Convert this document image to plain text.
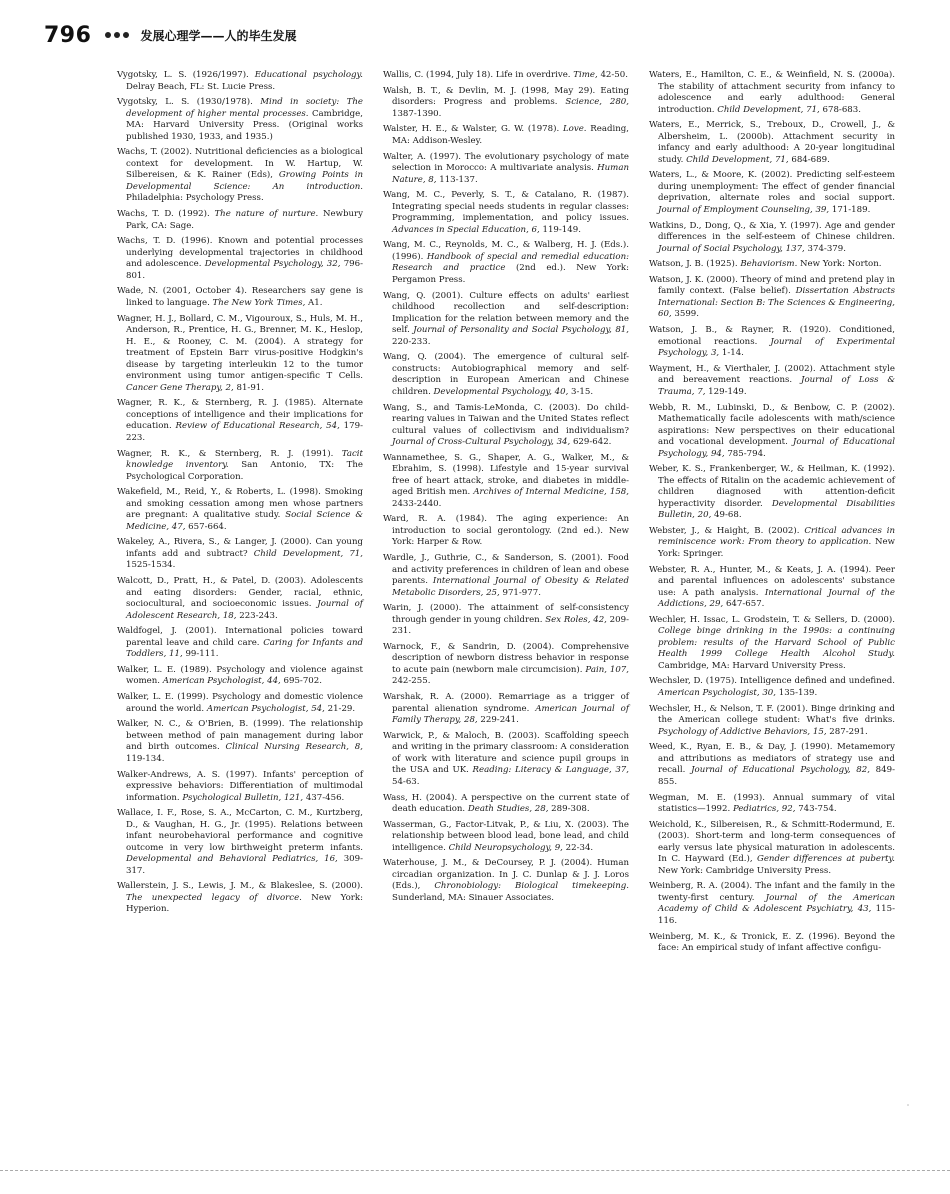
796	发展心理学——人的毕生发展

Vygotsky, L. S. (1926/1997). Educational psychology. Delray Beach, FL: St. Lucie Press.

Vygotsky, L. S. (1930/1978). Mind in society: The development of higher mental processes. Cambridge, MA: Harvard University Press. (Original works published 1930, 1933, and 1935.)

Wachs, T. (2002). Nutritional deficiencies as a biological context for development. In W. Hartup, W. Silbereisen, & K. Rainer (Eds), Growing Points in Developmental Science: An introduction. Philadelphia: Psychology Press.

Wachs, T. D. (1992). The nature of nurture. Newbury Park, CA: Sage.

Wachs, T. D. (1996). Known and potential processes underlying developmental trajectories in childhood and adolescence. Developmental Psychology, 32, 796-801.

Wade, N. (2001, October 4). Researchers say gene is linked to language. The New York Times, A1.

Wagner, H. J., Bollard, C. M., Vigouroux, S., Huls, M. H., Anderson, R., Prentice, H. G., Brenner, M. K., Heslop, H. E., & Rooney, C. M. (2004). A strategy for treatment of Epstein Barr virus-positive Hodgkin's disease by targeting interleukin 12 to the tumor environment using tumor antigen-specific T Cells. Cancer Gene Therapy, 2, 81-91.

Wagner, R. K., & Sternberg, R. J. (1985). Alternate conceptions of intelligence and their implications for education. Review of Educational Research, 54, 179-223.

Wagner, R. K., & Sternberg, R. J. (1991). Tacit knowledge inventory. San Antonio, TX: The Psychological Corporation.

Wakefield, M., Reid, Y., & Roberts, L. (1998). Smoking and smoking cessation among men whose partners are pregnant: A qualitative study. Social Science & Medicine, 47, 657-664.

Wakeley, A., Rivera, S., & Langer, J. (2000). Can young infants add and subtract? Child Development, 71, 1525-1534.

Walcott, D., Pratt, H., & Patel, D. (2003). Adolescents and eating disorders: Gender, racial, ethnic, sociocultural, and socioeconomic issues. Journal of Adolescent Research, 18, 223-243.

Waldfogel, J. (2001). International policies toward parental leave and child care. Caring for Infants and Toddlers, 11, 99-111.

Walker, L. E. (1989). Psychology and violence against women. American Psychologist, 44, 695-702.

Walker, L. E. (1999). Psychology and domestic violence around the world. American Psychologist, 54, 21-29.

Walker, N. C., & O'Brien, B. (1999). The relationship between method of pain management during labor and birth outcomes. Clinical Nursing Research, 8, 119-134.

Walker-Andrews, A. S. (1997). Infants' perception of expressive behaviors: Differentiation of multimodal information. Psychological Bulletin, 121, 437-456.

Wallace, I. F., Rose, S. A., McCarton, C. M., Kurtzberg, D., & Vaughan, H. G., Jr. (1995). Relations between infant neurobehavioral performance and cognitive outcome in very low birthweight preterm infants. Developmental and Behavioral Pediatrics, 16, 309-317.

Wallerstein, J. S., Lewis, J. M., & Blakeslee, S. (2000). The unexpected legacy of divorce. New York: Hyperion.

Wallis, C. (1994, July 18). Life in overdrive. Time, 42-50.

Walsh, B. T., & Devlin, M. J. (1998, May 29). Eating disorders: Progress and problems. Science, 280, 1387-1390.

Walster, H. E., & Walster, G. W. (1978). Love. Reading, MA: Addison-Wesley.

Walter, A. (1997). The evolutionary psychology of mate selection in Morocco: A multivariate analysis. Human Nature, 8, 113-137.

Wang, M. C., Peverly, S. T., & Catalano, R. (1987). Integrating special needs students in regular classes: Programming, implementation, and policy issues. Advances in Special Education, 6, 119-149.

Wang, M. C., Reynolds, M. C., & Walberg, H. J. (Eds.). (1996). Handbook of special and remedial education: Research and practice (2nd ed.). New York: Pergamon Press.

Wang, Q. (2001). Culture effects on adults' earliest childhood recollection and self-description: Implication for the relation between memory and the self. Journal of Personality and Social Psychology, 81, 220-233.

Wang, Q. (2004). The emergence of cultural self-constructs: Autobiographical memory and self-description in European American and Chinese children. Developmental Psychology, 40, 3-15.

Wang, S., and Tamis-LeMonda, C. (2003). Do child-rearing values in Taiwan and the United States reflect cultural values of collectivism and individualism? Journal of Cross-Cultural Psychology, 34, 629-642.

Wannamethee, S. G., Shaper, A. G., Walker, M., & Ebrahim, S. (1998). Lifestyle and 15-year survival free of heart attack, stroke, and diabetes in middle-aged British men. Archives of Internal Medicine, 158, 2433-2440.

Ward, R. A. (1984). The aging experience: An introduction to social gerontology. (2nd ed.). New York: Harper & Row.

Wardle, J., Guthrie, C., & Sanderson, S. (2001). Food and activity preferences in children of lean and obese parents. International Journal of Obesity & Related Metabolic Disorders, 25, 971-977.

Warin, J. (2000). The attainment of self-consistency through gender in young children. Sex Roles, 42, 209-231.

Warnock, F., & Sandrin, D. (2004). Comprehensive description of newborn distress behavior in response to acute pain (newborn male circumcision). Pain, 107, 242-255.

Warshak, R. A. (2000). Remarriage as a trigger of parental alienation syndrome. American Journal of Family Therapy, 28, 229-241.

Warwick, P., & Maloch, B. (2003). Scaffolding speech and writing in the primary classroom: A consideration of work with literature and science pupil groups in the USA and UK. Reading: Literacy & Language, 37, 54-63.

Wass, H. (2004). A perspective on the current state of death education. Death Studies, 28, 289-308.

Wasserman, G., Factor-Litvak, P., & Liu, X. (2003). The relationship between blood lead, bone lead, and child intelligence. Child Neuropsychology, 9, 22-34.

Waterhouse, J. M., & DeCoursey, P. J. (2004). Human circadian organization. In J. C. Dunlap & J. J. Loros (Eds.), Chronobiology: Biological timekeeping. Sunderland, MA: Sinauer Associates.

Waters, E., Hamilton, C. E., & Weinfield, N. S. (2000a). The stability of attachment security from infancy to adolescence and early adulthood: General introduction. Child Development, 71, 678-683.

Waters, E., Merrick, S., Treboux, D., Crowell, J., & Albersheim, L. (2000b). Attachment security in infancy and early adulthood: A 20-year longitudinal study. Child Development, 71, 684-689.

Waters, L., & Moore, K. (2002). Predicting self-esteem during unemployment: The effect of gender financial deprivation, alternate roles and social support. Journal of Employment Counseling, 39, 171-189.

Watkins, D., Dong, Q., & Xia, Y. (1997). Age and gender differences in the self-esteem of Chinese children. Journal of Social Psychology, 137, 374-379.

Watson, J. B. (1925). Behaviorism. New York: Norton.

Watson, J. K. (2000). Theory of mind and pretend play in family context. (False belief). Dissertation Abstracts International: Section B: The Sciences & Engineering, 60, 3599.

Watson, J. B., & Rayner, R. (1920). Conditioned, emotional reactions. Journal of Experimental Psychology, 3, 1-14.

Wayment, H., & Vierthaler, J. (2002). Attachment style and bereavement reactions. Journal of Loss & Trauma, 7, 129-149.

Webb, R. M., Lubinski, D., & Benbow, C. P. (2002). Mathematically facile adolescents with math/science aspirations: New perspectives on their educational and vocational development. Journal of Educational Psychology, 94, 785-794.

Weber, K. S., Frankenberger, W., & Heilman, K. (1992). The effects of Ritalin on the academic achievement of children diagnosed with attention-deficit hyperactivity disorder. Developmental Disabilities Bulletin, 20, 49-68.

Webster, J., & Haight, B. (2002). Critical advances in reminiscence work: From theory to application. New York: Springer.

Webster, R. A., Hunter, M., & Keats, J. A. (1994). Peer and parental influences on adolescents' substance use: A path analysis. International Journal of the Addictions, 29, 647-657.

Wechler, H. Issac, L. Grodstein, T. & Sellers, D. (2000). College binge drinking in the 1990s: a continuing problem: results of the Harvard School of Public Health 1999 College Health Alcohol Study. Cambridge, MA: Harvard University Press.

Wechsler, D. (1975). Intelligence defined and undefined. American Psychologist, 30, 135-139.

Wechsler, H., & Nelson, T. F. (2001). Binge drinking and the American college student: What's five drinks. Psychology of Addictive Behaviors, 15, 287-291.

Weed, K., Ryan, E. B., & Day, J. (1990). Metamemory and attributions as mediators of strategy use and recall. Journal of Educational Psychology, 82, 849-855.

Wegman, M. E. (1993). Annual summary of vital statistics—1992. Pediatrics, 92, 743-754.

Weichold, K., Silbereisen, R., & Schmitt-Rodermund, E. (2003). Short-term and long-term consequences of early versus late physical maturation in adolescents. In C. Hayward (Ed.), Gender differences at puberty. New York: Cambridge University Press.

Weinberg, R. A. (2004). The infant and the family in the twenty-first century. Journal of the American Academy of Child & Adolescent Psychiatry, 43, 115-116.

Weinberg, M. K., & Tronick, E. Z. (1996). Beyond the face: An empirical study of infant affective configu-

˙
